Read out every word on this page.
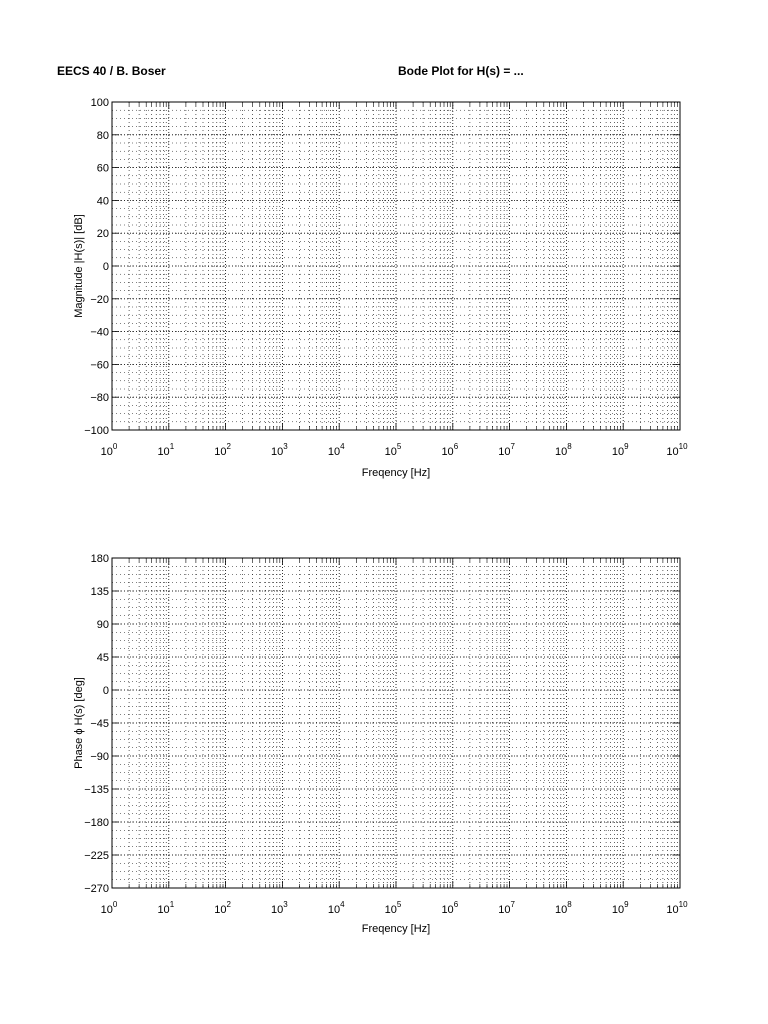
EECS 40 / B. Boser	Bode Plot for H(s) = ...
$10^0$	$10^1$	$10^2$	$10^3$	$10^4$	$10^5$	$10^6$	$10^7$	$10^8$	$10^9$	$10^{10}$
100
80
60
40
20
0
−20
−40
−60
−80
−100
Freqency [Hz]
Magnitude |H(s)| [dB]
$10^0$	$10^1$	$10^2$	$10^3$	$10^4$	$10^5$	$10^6$	$10^7$	$10^8$	$10^9$	$10^{10}$
180
135
90
45
0
−45
−90
−135
−180
−225
−270
Freqency [Hz]
Phase ϕ H(s) [deg]
